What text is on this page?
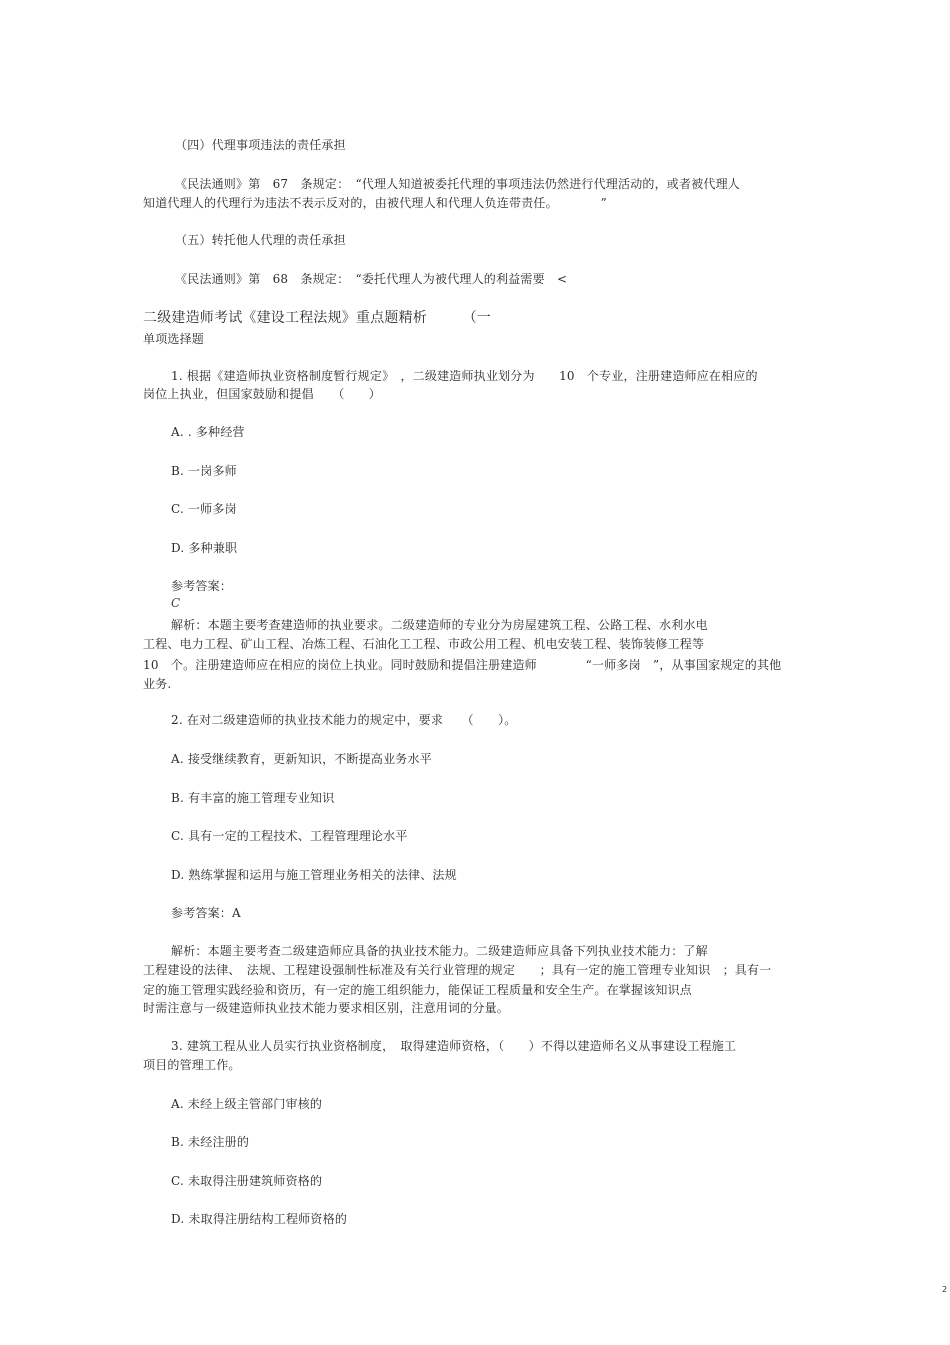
（四）代理事项违法的责任承担

《民法通则》第　67　条规定：　“代理人知道被委托代理的事项违法仍然进行代理活动的，或者被代理人

知道代理人的代理行为违法不表示反对的，由被代理人和代理人负连带责任。　　　　”

（五）转托他人代理的责任承担

《民法通则》第　68　条规定：　“委托代理人为被代理人的利益需要　<

二级建造师考试《建设工程法规》重点题精析　　　（一

单项选择题

1. 根据《建造师执业资格制度暂行规定》　，二级建造师执业划分为　　10　个专业，注册建造师应在相应的

岗位上执业，但国家鼓励和提倡　　（　　）

A. . 多种经营

B. 一岗多师

C. 一师多岗

D. 多种兼职

参考答案：

C

解析：本题主要考查建造师的执业要求。二级建造师的专业分为房屋建筑工程、公路工程、水利水电

工程、电力工程、矿山工程、冶炼工程、石油化工工程、市政公用工程、机电安装工程、装饰装修工程等

10　个。注册建造师应在相应的岗位上执业。同时鼓励和提倡注册建造师　　　　“一师多岗　”，从事国家规定的其他

业务.

2. 在对二级建造师的执业技术能力的规定中，要求　　（　　）。

A. 接受继续教育，更新知识，不断提高业务水平

B. 有丰富的施工管理专业知识

C. 具有一定的工程技术、工程管理理论水平

D. 熟练掌握和运用与施工管理业务相关的法律、法规

参考答案：A

解析：本题主要考查二级建造师应具备的执业技术能力。二级建造师应具备下列执业技术能力：了解

工程建设的法律、　法规、工程建设强制性标准及有关行业管理的规定　　；具有一定的施工管理专业知识　；具有一

定的施工管理实践经验和资历，有一定的施工组织能力，能保证工程质量和安全生产。在掌握该知识点

时需注意与一级建造师执业技术能力要求相区别，注意用词的分量。

3. 建筑工程从业人员实行执业资格制度，　取得建造师资格，（　　）不得以建造师名义从事建设工程施工

项目的管理工作。

A. 未经上级主管部门审核的

B. 未经注册的

C. 未取得注册建筑师资格的

D. 未取得注册结构工程师资格的

2
